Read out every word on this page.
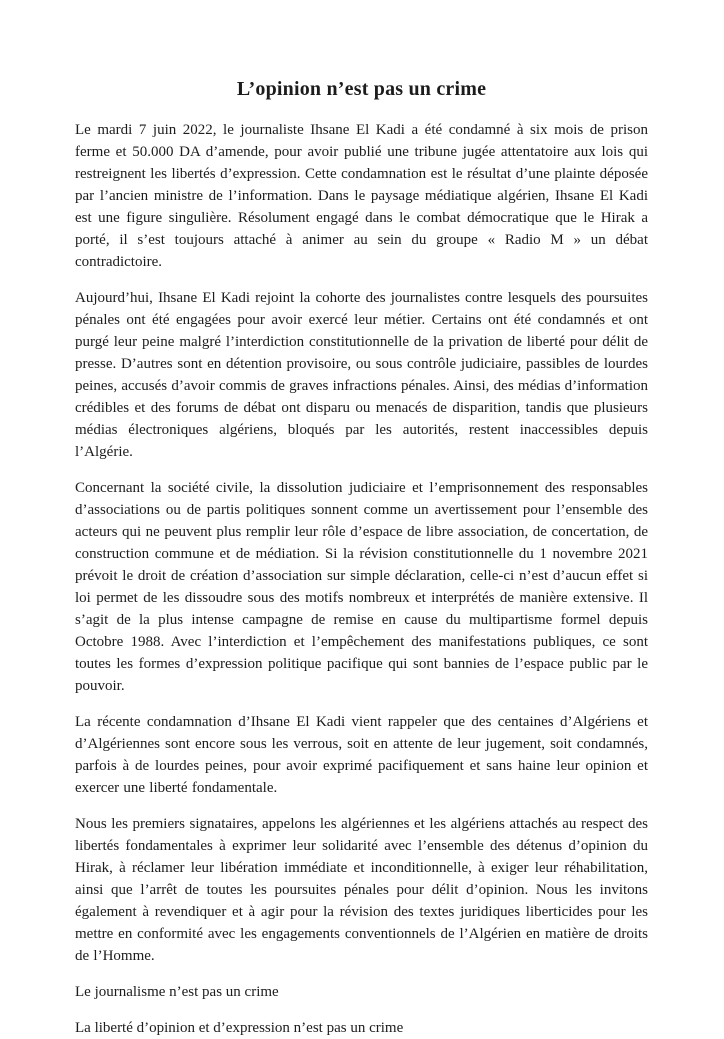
L’opinion n’est pas un crime

Le mardi 7 juin 2022, le journaliste Ihsane El Kadi a été condamné à six mois de prison ferme et 50.000 DA d’amende, pour avoir publié une tribune jugée attentatoire aux lois qui restreignent les libertés d’expression. Cette condamnation est le résultat d’une plainte déposée par l’ancien ministre de l’information. Dans le paysage médiatique algérien, Ihsane El Kadi est une figure singulière. Résolument engagé dans le combat démocratique que le Hirak a porté, il s’est toujours attaché à animer au sein du groupe « Radio M » un débat contradictoire.

Aujourd’hui, Ihsane El Kadi rejoint la cohorte des journalistes contre lesquels des poursuites pénales ont été engagées pour avoir exercé leur métier. Certains ont été condamnés et ont purgé leur peine malgré l’interdiction constitutionnelle de la privation de liberté pour délit de presse. D’autres sont en détention provisoire, ou sous contrôle judiciaire, passibles de lourdes peines, accusés d’avoir commis de graves infractions pénales. Ainsi, des médias d’information crédibles et des forums de débat ont disparu ou menacés de disparition, tandis que plusieurs médias électroniques algériens, bloqués par les autorités, restent inaccessibles depuis l’Algérie.

Concernant la société civile, la dissolution judiciaire et l’emprisonnement des responsables d’associations ou de partis politiques sonnent comme un avertissement pour l’ensemble des acteurs qui ne peuvent plus remplir leur rôle d’espace de libre association, de concertation, de construction commune et de médiation. Si la révision constitutionnelle du 1 novembre 2021 prévoit le droit de création d’association sur simple déclaration, celle-ci n’est d’aucun effet si loi permet de les dissoudre sous des motifs nombreux et interprétés de manière extensive. Il s’agit de la plus intense campagne de remise en cause du multipartisme formel depuis Octobre 1988. Avec l’interdiction et l’empêchement des manifestations publiques, ce sont toutes les formes d’expression politique pacifique qui sont bannies de l’espace public par le pouvoir.

La récente condamnation d’Ihsane El Kadi vient rappeler que des centaines d’Algériens et d’Algériennes sont encore sous les verrous, soit en attente de leur jugement, soit condamnés, parfois à de lourdes peines, pour avoir exprimé pacifiquement et sans haine leur opinion et exercer une liberté fondamentale.

Nous les premiers signataires, appelons les algériennes et les algériens attachés au respect des libertés fondamentales à exprimer leur solidarité avec l’ensemble des détenus d’opinion du Hirak, à réclamer leur libération immédiate et inconditionnelle, à exiger leur réhabilitation, ainsi que l’arrêt de toutes les poursuites pénales pour délit d’opinion. Nous les invitons également à revendiquer et à agir pour la révision des textes juridiques liberticides pour les mettre en conformité avec les engagements conventionnels de l’Algérien en matière de droits de l’Homme.

Le journalisme n’est pas un crime

La liberté d’opinion et d’expression n’est pas un crime
